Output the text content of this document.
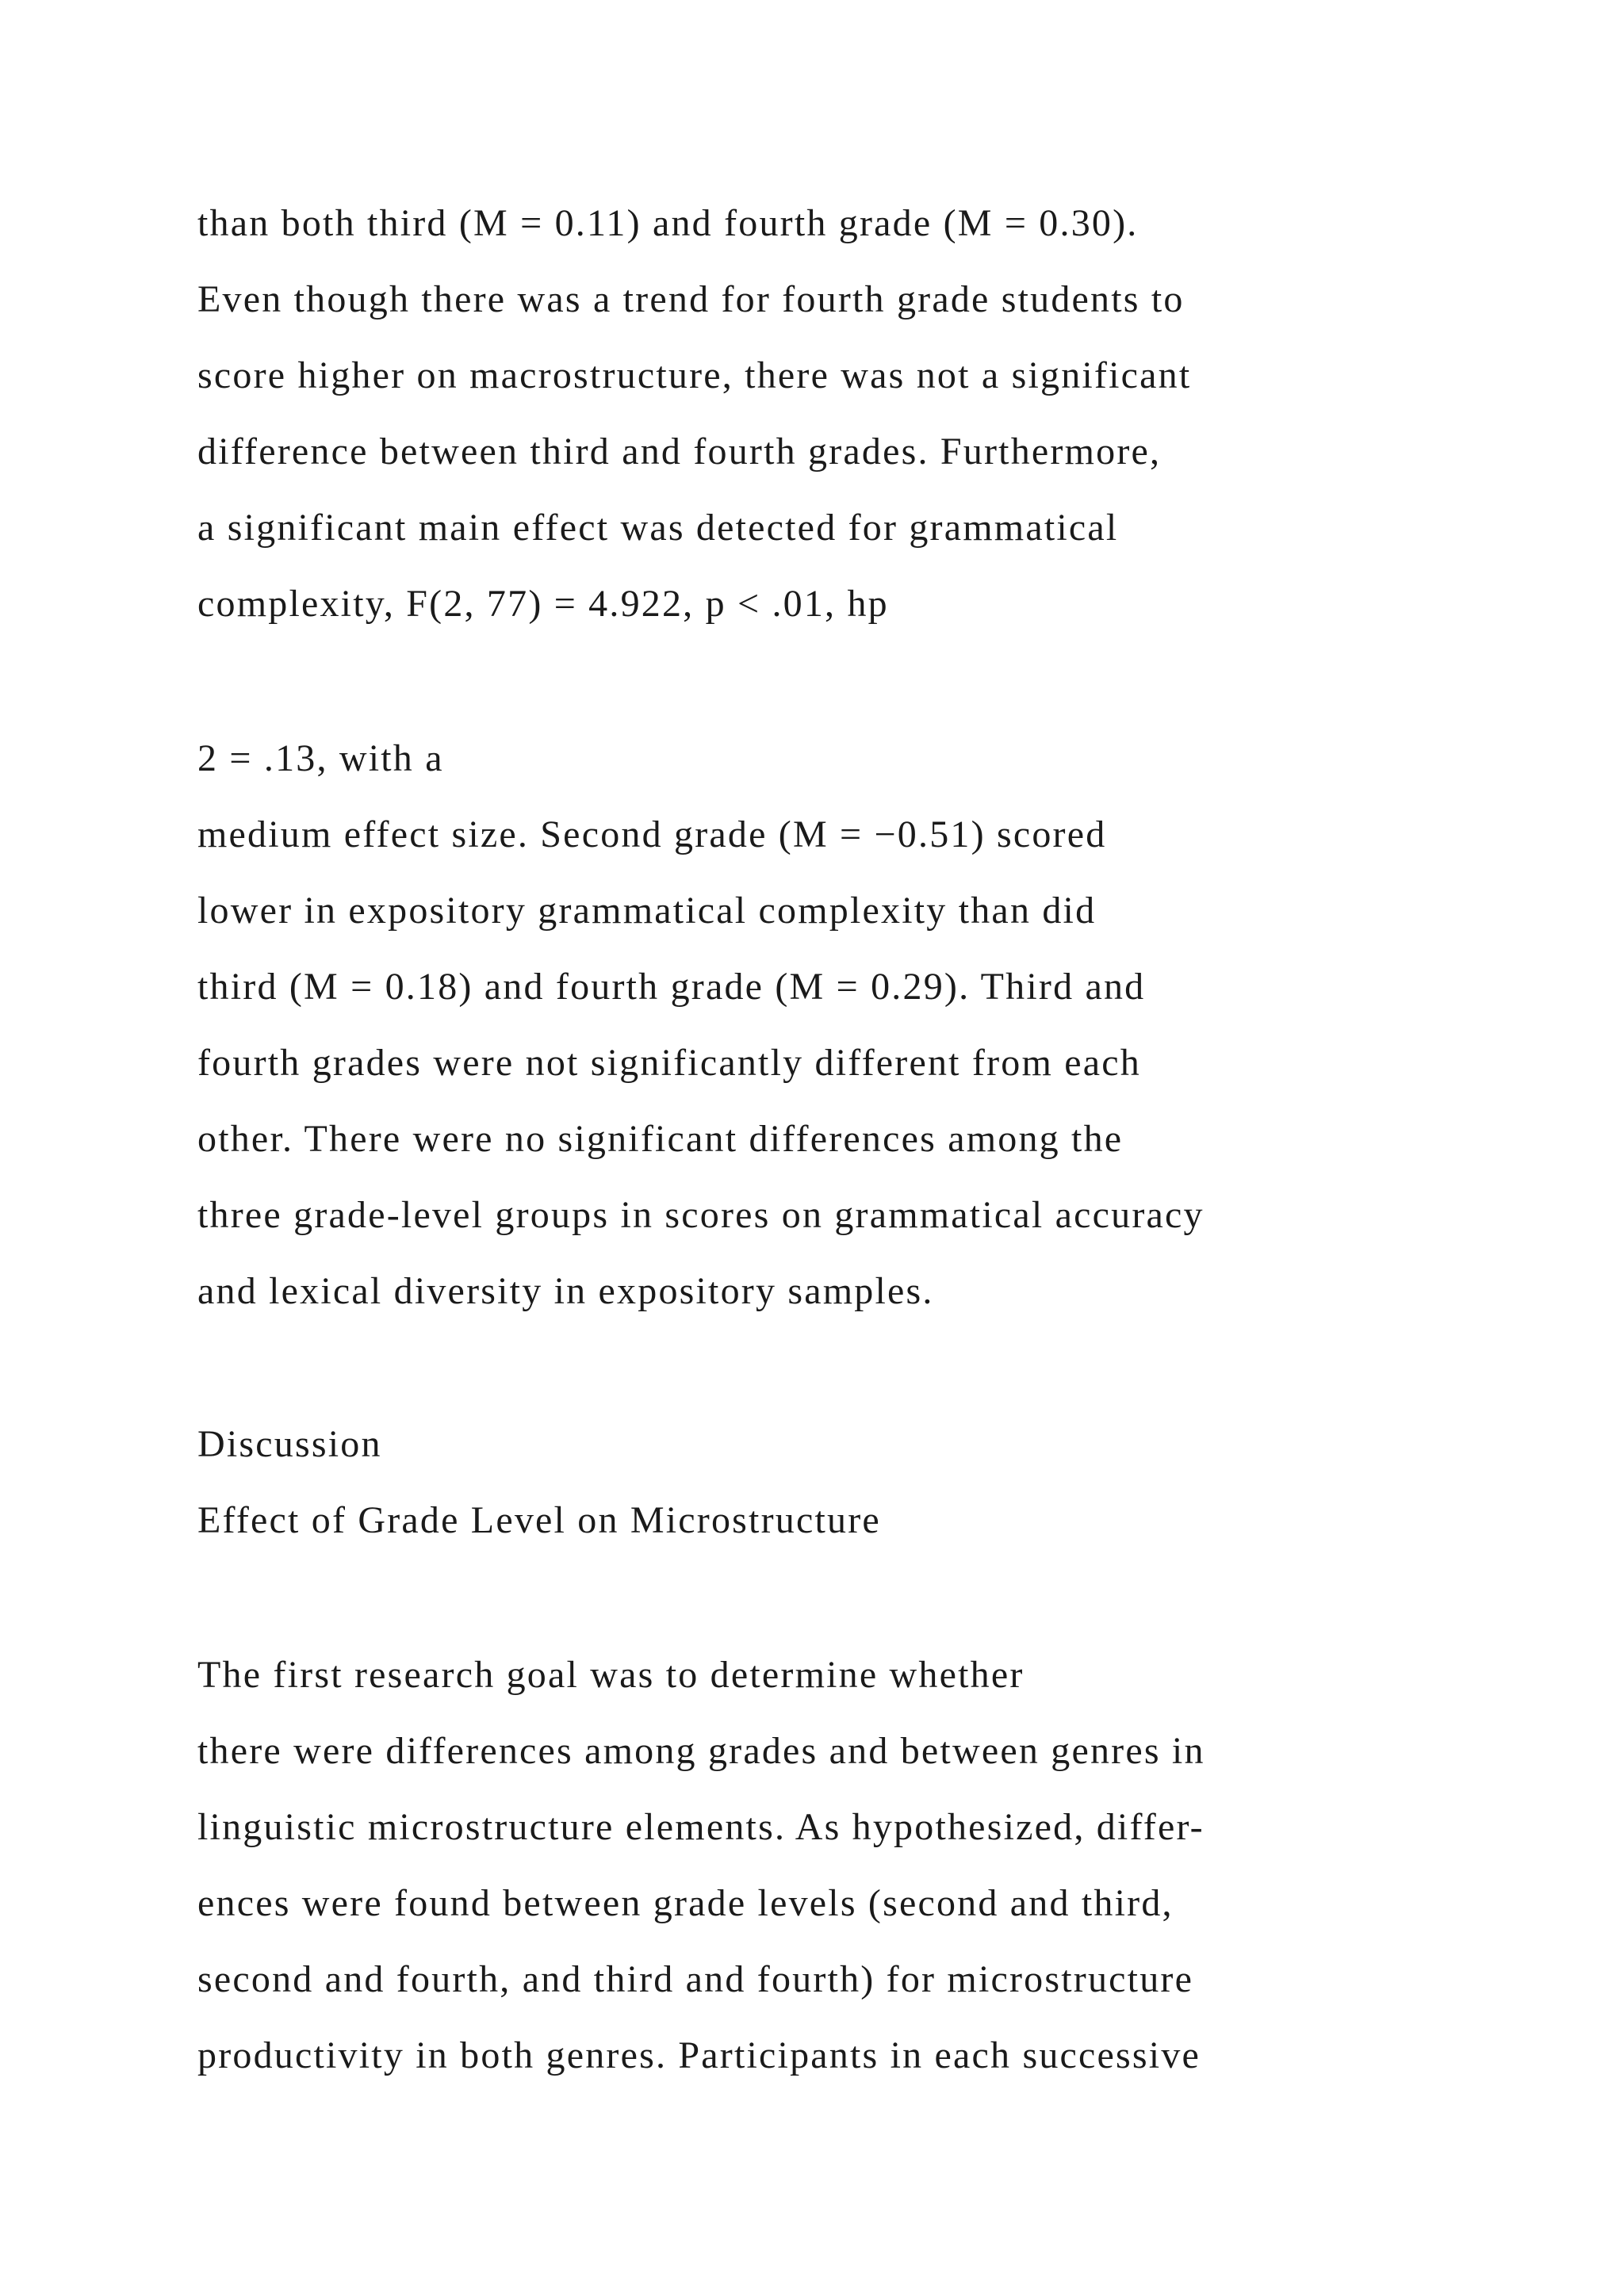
than both third (M = 0.11) and fourth grade (M = 0.30).
Even though there was a trend for fourth grade students to
score higher on macrostructure, there was not a significant
difference between third and fourth grades. Furthermore,
a significant main effect was detected for grammatical
complexity, F(2, 77) = 4.922, p < .01, hp
2 = .13, with a
medium effect size. Second grade (M = −0.51) scored
lower in expository grammatical complexity than did
third (M = 0.18) and fourth grade (M = 0.29). Third and
fourth grades were not significantly different from each
other. There were no significant differences among the
three grade-level groups in scores on grammatical accuracy
and lexical diversity in expository samples.
Discussion
Effect of Grade Level on Microstructure
The first research goal was to determine whether
there were differences among grades and between genres in
linguistic microstructure elements. As hypothesized, differ-
ences were found between grade levels (second and third,
second and fourth, and third and fourth) for microstructure
productivity in both genres. Participants in each successive
